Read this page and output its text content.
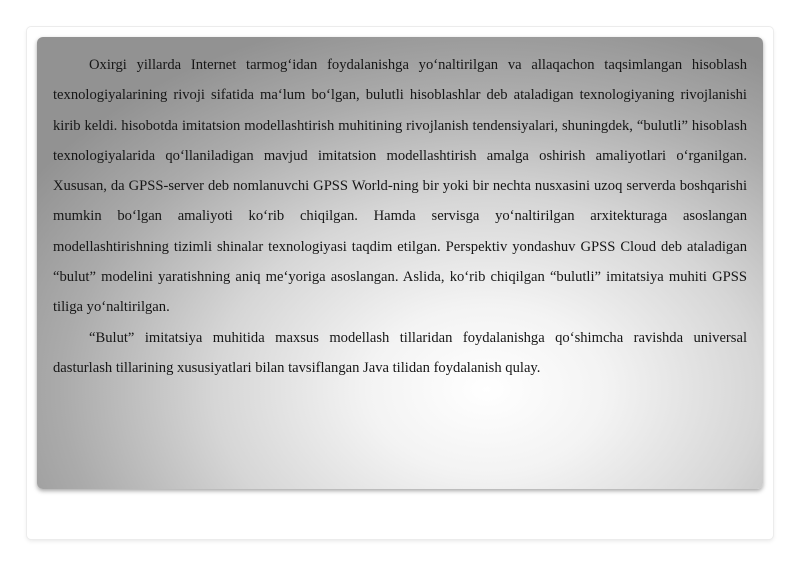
Oxirgi yillarda Internet tarmog‘idan foydalanishga yo‘naltirilgan va allaqachon taqsimlangan hisoblash texnologiyalarining rivoji sifatida ma‘lum bo‘lgan, bulutli hisoblashlar deb ataladigan texnologiyaning rivojlanishi kirib keldi. hisobotda imitatsion modellashtirish muhitining rivojlanish tendensiyalari, shuningdek, “bulutli” hisoblash texnologiyalarida qo‘llaniladigan mavjud imitatsion modellashtirish amalga oshirish amaliyotlari o‘rganilgan. Xususan, da GPSS-server deb nomlanuvchi GPSS World-ning bir yoki bir nechta nusxasini uzoq serverda boshqarishi mumkin bo‘lgan amaliyoti ko‘rib chiqilgan. Hamda servisga yo‘naltirilgan arxitekturaga asoslangan modellashtirishning tizimli shinalar texnologiyasi taqdim etilgan. Perspektiv yondashuv GPSS Cloud deb ataladigan “bulut” modelini yaratishning aniq me‘yoriga asoslangan. Aslida, ko‘rib chiqilgan “bulutli” imitatsiya muhiti GPSS tiliga yo‘naltirilgan.

“Bulut” imitatsiya muhitida maxsus modellash tillaridan foydalanishga qo‘shimcha ravishda universal dasturlash tillarining xususiyatlari bilan tavsiflangan Java tilidan foydalanish qulay.
